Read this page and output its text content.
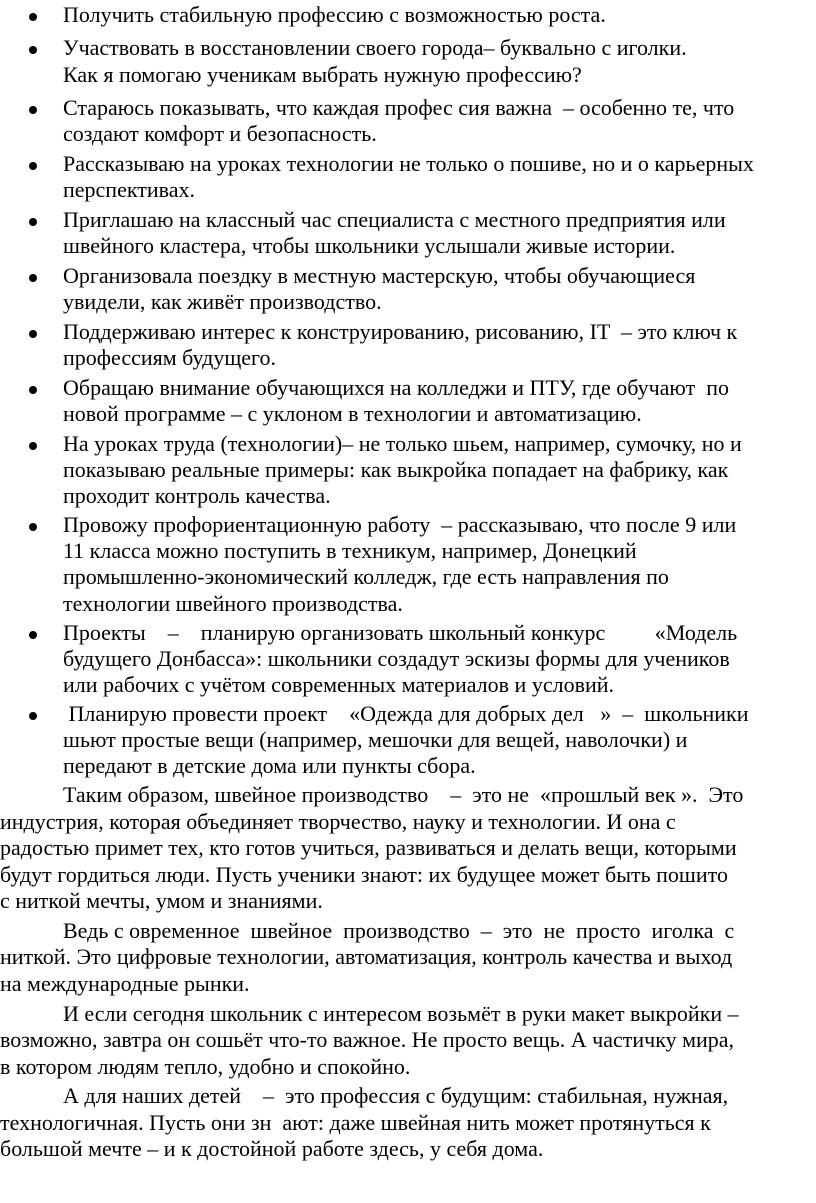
Получить стабильную профессию с возможностью роста.
Участвовать в восстановлении своего города– буквально с иголки.
Как я помогаю ученикам выбрать нужную профессию?
Стараюсь показывать, что каждая профес сия важна  – особенно те, что
создают комфорт и безопасность.
Рассказываю на уроках технологии не только о пошиве, но и о карьерных
перспективах.
Приглашаю на классный час специалиста с местного предприятия или
швейного кластера, чтобы школьники услышали живые истории.
Организовала поездку в местную мастерскую, чтобы обучающиеся
увидели, как живёт производство.
Поддерживаю интерес к конструированию, рисованию, IT  – это ключ к
профессиям будущего.
Обращаю внимание обучающихся на колледжи и ПТУ, где обучают  по
новой программе – с уклоном в технологии и автоматизацию.
На уроках труда (технологии)– не только шьем, например, сумочку, но и
показываю реальные примеры: как выкройка попадает на фабрику, как
проходит контроль качества.
Провожу профориентационную работу  – рассказываю, что после 9 или
11 класса можно поступить в техникум, например, Донецкий
промышленно-экономический колледж, где есть направления по
технологии швейного производства.
Проекты    –    планирую организовать школьный конкурс         «Модель
будущего Донбасса»: школьники создадут эскизы формы для учеников
или рабочих с учётом современных материалов и условий.
Планирую провести проект    «Одежда для добрых дел   »  –  школьники
шьют простые вещи (например, мешочки для вещей, наволочки) и
передают в детские дома или пункты сбора.

Таким образом, швейное производство    –  это не  «прошлый век ».  Это
индустрия, которая объединяет творчество, науку и технологии. И она с
радостью примет тех, кто готов учиться, развиваться и делать вещи, которыми
будут гордиться люди. Пусть ученики знают: их будущее может быть пошито
с ниткой мечты, умом и знаниями.

Ведь с овременное  швейное  производство  –  это  не  просто  иголка  с
ниткой. Это цифровые технологии, автоматизация, контроль качества и выход
на международные рынки.

И если сегодня школьник с интересом возьмёт в руки макет выкройки –
возможно, завтра он сошьёт что-то важное. Не просто вещь. А частичку мира,
в котором людям тепло, удобно и спокойно.

А для наших детей    –  это профессия с будущим: стабильная, нужная,
технологичная. Пусть они зн  ают: даже швейная нить может протянуться к
большой мечте – и к достойной работе здесь, у себя дома.
